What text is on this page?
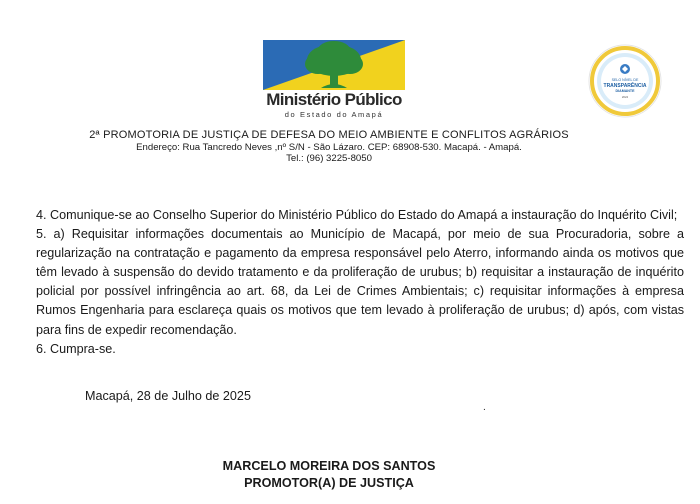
Ministério Público
do Estado do Amapá
SELO NÍVEL DE
TRANSPARÊNCIA
DIAMANTE
2024
2ª PROMOTORIA DE JUSTIÇA DE DEFESA DO MEIO AMBIENTE E CONFLITOS AGRÁRIOS
Endereço: Rua Tancredo Neves ,nº S/N - São Lázaro. CEP: 68908-530. Macapá. - Amapá.
Tel.: (96) 3225-8050

4. Comunique-se ao Conselho Superior do Ministério Público do Estado do Amapá a instauração do Inquérito Civil;

5. a) Requisitar informações documentais ao Município de Macapá, por meio de sua Procuradoria, sobre a regularização na contratação e pagamento da empresa responsável pelo Aterro, informando ainda os motivos que têm levado à suspensão do devido tratamento e da proliferação de urubus; b) requisitar a instauração de inquérito policial por possível infringência ao art. 68, da Lei de Crimes Ambientais; c) requisitar informações à empresa Rumos Engenharia para esclareça quais os motivos que tem levado à proliferação de urubus; d) após, com vistas para fins de expedir recomendação.

6. Cumpra-se.

Macapá, 28 de Julho de 2025
.
MARCELO MOREIRA DOS SANTOS
PROMOTOR(A) DE JUSTIÇA
